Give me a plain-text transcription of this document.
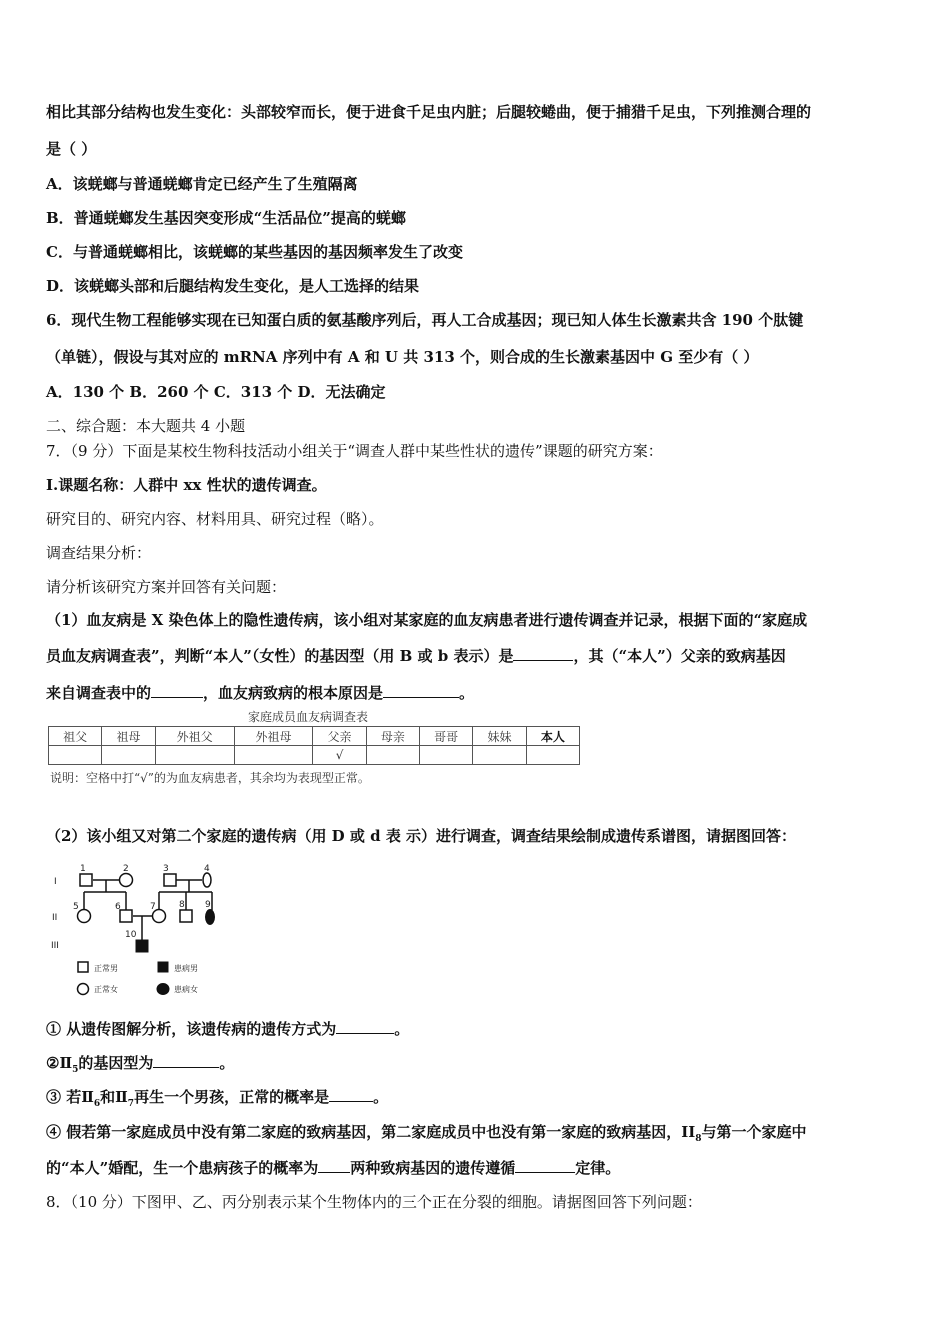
相比其部分结构也发生变化：头部较窄而长，便于进食千足虫内脏；后腿较蜷曲，便于捕猎千足虫，下列推测合理的
是（ ）
A．该蜣螂与普通蜣螂肯定已经产生了生殖隔离
B．普通蜣螂发生基因突变形成“生活品位”提高的蜣螂
C．与普通蜣螂相比，该蜣螂的某些基因的基因频率发生了改变
D．该蜣螂头部和后腿结构发生变化，是人工选择的结果
6．现代生物工程能够实现在已知蛋白质的氨基酸序列后，再人工合成基因；现已知人体生长激素共含 190 个肽键
（单链），假设与其对应的 mRNA 序列中有 A 和 U 共 313 个，则合成的生长激素基因中 G 至少有（ ）
A．130 个 B．260 个 C．313 个 D．无法确定
二、综合题：本大题共 4 小题
7．（9 分）下面是某校生物科技活动小组关于“调查人群中某些性状的遗传”课题的研究方案：
I.课题名称：人群中 xx 性状的遗传调查。
研究目的、研究内容、材料用具、研究过程（略）。
调查结果分析：
请分析该研究方案并回答有关问题：
（1）血友病是 X 染色体上的隐性遗传病，该小组对某家庭的血友病患者进行遗传调查并记录，根据下面的“家庭成
员血友病调查表”，判断“本人”（女性）的基因型（用 B 或 b 表示）是	，其（“本人”）父亲的致病基因
来自调查表中的	，血友病致病的根本原因是	。
家庭成员血友病调查表
祖父	祖母	外祖父	外祖母	父亲	母亲	哥哥	妹妹	本人
				√				
说明：空格中打“√”的为血友病患者，其余均为表现型正常。
（2）该小组又对第二个家庭的遗传病（用 D 或 d 表 示）进行调查，调查结果绘制成遗传系谱图，请据图回答：
I
II
III
1	2	3	4
5	6	7	8 9
10
正常男	患病男
正常女	患病女
① 从遗传图解分析，该遗传病的遗传方式为	。
$②Ⅱ_5$的基因型为	。
③ 若$Ⅱ_6$和$Ⅱ_7$再生一个男孩，正常的概率是	。
④ 假若第一家庭成员中没有第二家庭的致病基因，第二家庭成员中也没有第一家庭的致病基因，$II_8$与第一个家庭中
的“本人”婚配，生一个患病孩子的概率为 两种致病基因的遗传遵循	定律。
8．（10 分）下图甲、乙、丙分别表示某个生物体内的三个正在分裂的细胞。请据图回答下列问题：
